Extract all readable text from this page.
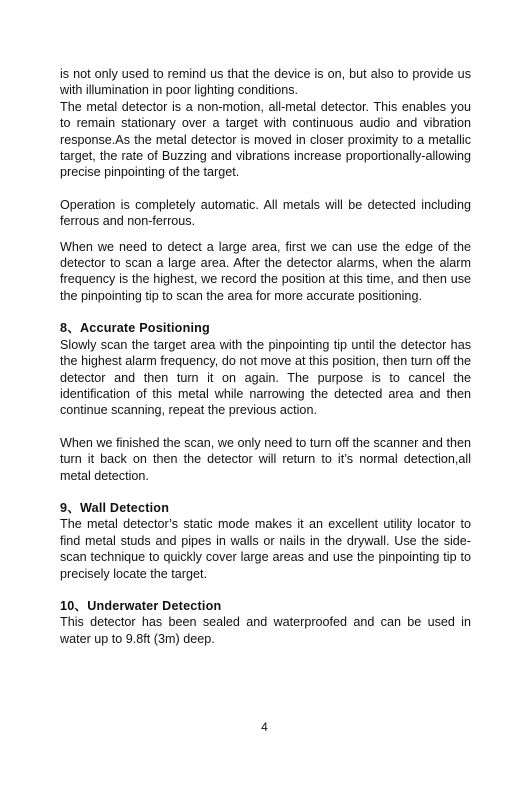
is not only used to remind us that the device is on, but also to provide us with illumination in poor lighting conditions.

The metal detector is a non-motion, all-metal detector. This enables you to remain stationary over a target with continuous audio and vibration response.As the metal detector is moved in closer proximity to a metallic target, the rate of Buzzing and vibrations increase proportionally-allowing precise pinpointing of the target.

Operation is completely automatic. All metals will be detected including ferrous and non-ferrous.

When we need to detect a large area, first we can use the edge of the detector to scan a large area. After the detector alarms, when the alarm frequency is the highest, we record the position at this time, and then use the pinpointing tip to scan the area for more accurate positioning.

8、Accurate Positioning

Slowly scan the target area with the pinpointing tip until the detector has the highest alarm frequency, do not move at this position, then turn off the detector and then turn it on again. The purpose is to cancel the identification of this metal while narrowing the detected area and then continue scanning, repeat the previous action.

When we finished the scan, we only need to turn off the scanner and then turn it back on then the detector will return to it’s normal detection,all metal detection.

9、Wall Detection

The metal detector’s static mode makes it an excellent utility locator to find metal studs and pipes in walls or nails in the drywall. Use the side-scan technique to quickly cover large areas and use the pinpointing tip to precisely locate the target.

10、Underwater Detection

This detector has been sealed and waterproofed and can be used in water up to 9.8ft (3m) deep.

4
